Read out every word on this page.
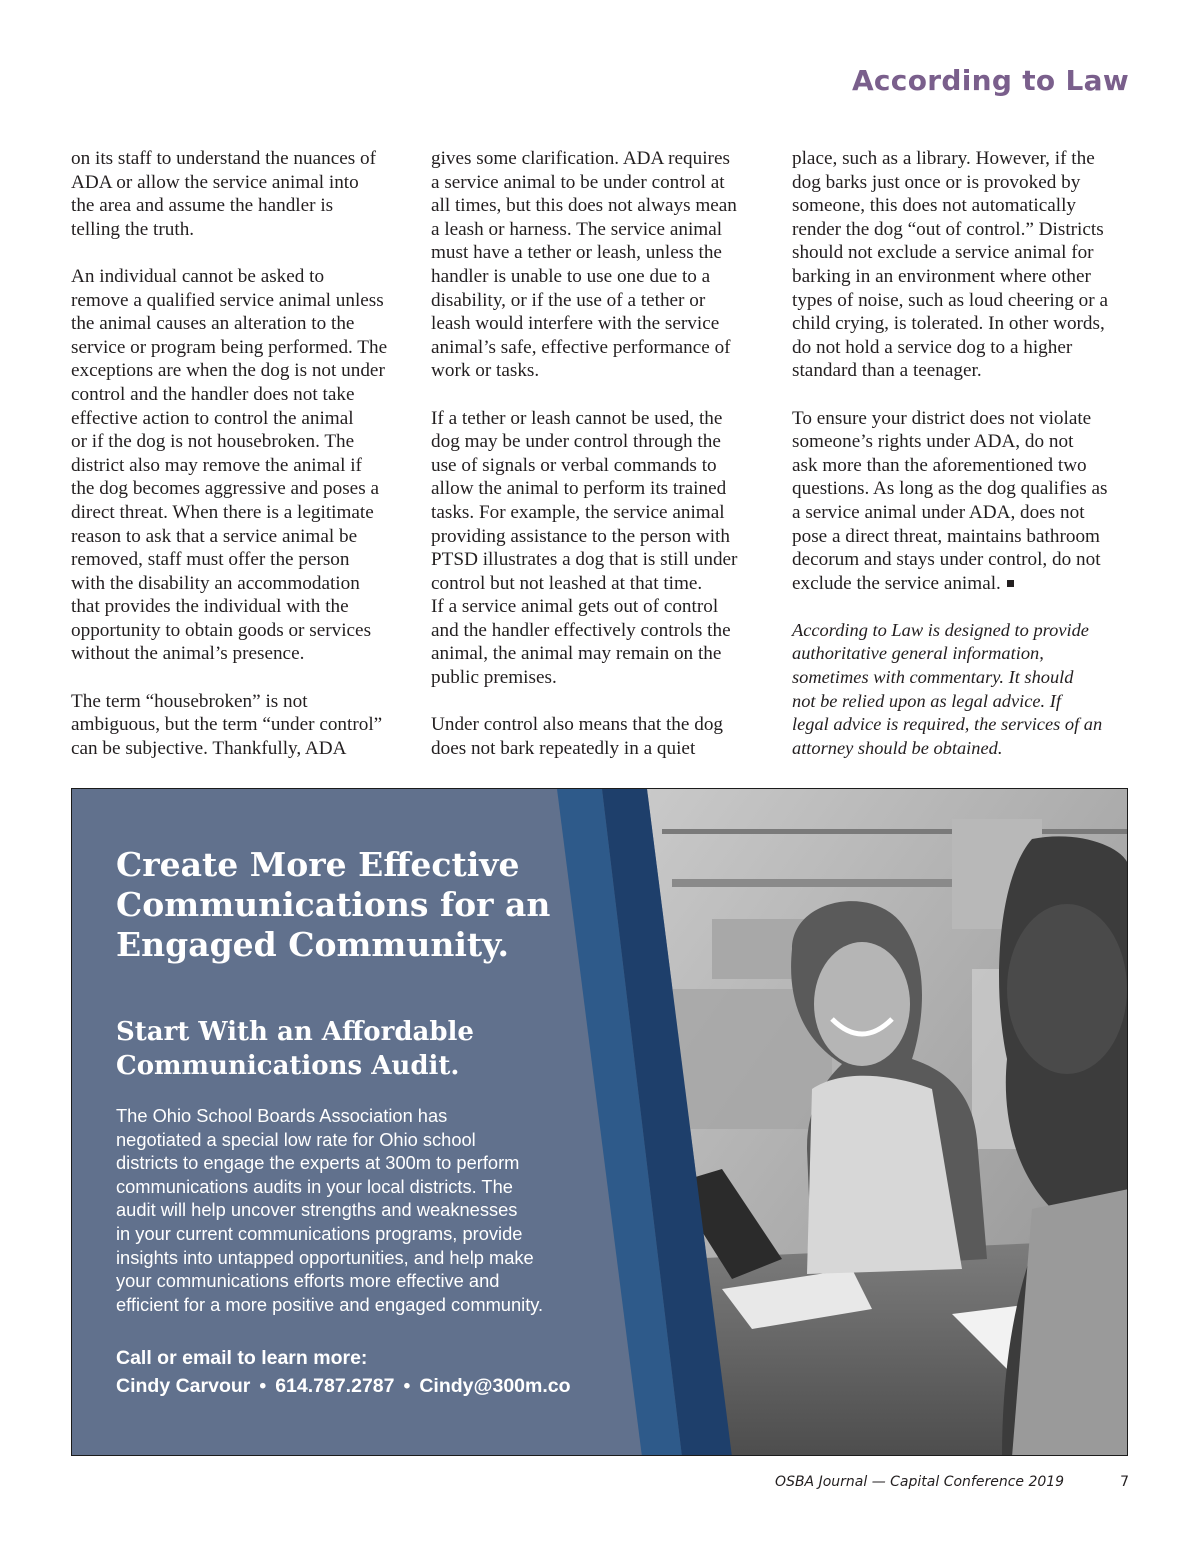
According to Law

on its staff to understand the nuances of
ADA or allow the service animal into
the area and assume the handler is
telling the truth.

An individual cannot be asked to
remove a qualified service animal unless
the animal causes an alteration to the
service or program being performed. The
exceptions are when the dog is not under
control and the handler does not take
effective action to control the animal
or if the dog is not housebroken. The
district also may remove the animal if
the dog becomes aggressive and poses a
direct threat. When there is a legitimate
reason to ask that a service animal be
removed, staff must offer the person
with the disability an accommodation
that provides the individual with the
opportunity to obtain goods or services
without the animal’s presence.

The term “housebroken” is not
ambiguous, but the term “under control”
can be subjective. Thankfully, ADA

gives some clarification. ADA requires
a service animal to be under control at
all times, but this does not always mean
a leash or harness. The service animal
must have a tether or leash, unless the
handler is unable to use one due to a
disability, or if the use of a tether or
leash would interfere with the service
animal’s safe, effective performance of
work or tasks.

If a tether or leash cannot be used, the
dog may be under control through the
use of signals or verbal commands to
allow the animal to perform its trained
tasks. For example, the service animal
providing assistance to the person with
PTSD illustrates a dog that is still under
control but not leashed at that time.

If a service animal gets out of control
and the handler effectively controls the
animal, the animal may remain on the
public premises.

Under control also means that the dog
does not bark repeatedly in a quiet

place, such as a library. However, if the
dog barks just once or is provoked by
someone, this does not automatically
render the dog “out of control.” Districts
should not exclude a service animal for
barking in an environment where other
types of noise, such as loud cheering or a
child crying, is tolerated. In other words,
do not hold a service dog to a higher
standard than a teenager.

To ensure your district does not violate
someone’s rights under ADA, do not
ask more than the aforementioned two
questions. As long as the dog qualifies as
a service animal under ADA, does not
pose a direct threat, maintains bathroom
decorum and stays under control, do not
exclude the service animal.

According to Law is designed to provide
authoritative general information,
sometimes with commentary. It should
not be relied upon as legal advice. If
legal advice is required, the services of an
attorney should be obtained.

Create More Effective
Communications for an
Engaged Community.
Start With an Affordable
Communications Audit.

The Ohio School Boards Association has
negotiated a special low rate for Ohio school
districts to engage the experts at 300m to perform
communications audits in your local districts. The
audit will help uncover strengths and weaknesses
in your current communications programs, provide
insights into untapped opportunities, and help make
your communications efforts more effective and
efficient for a more positive and engaged community.

Call or email to learn more:

Cindy Carvour • 614.787.2787 • Cindy@300m.co

OSBA Journal — Capital Conference 2019	7
